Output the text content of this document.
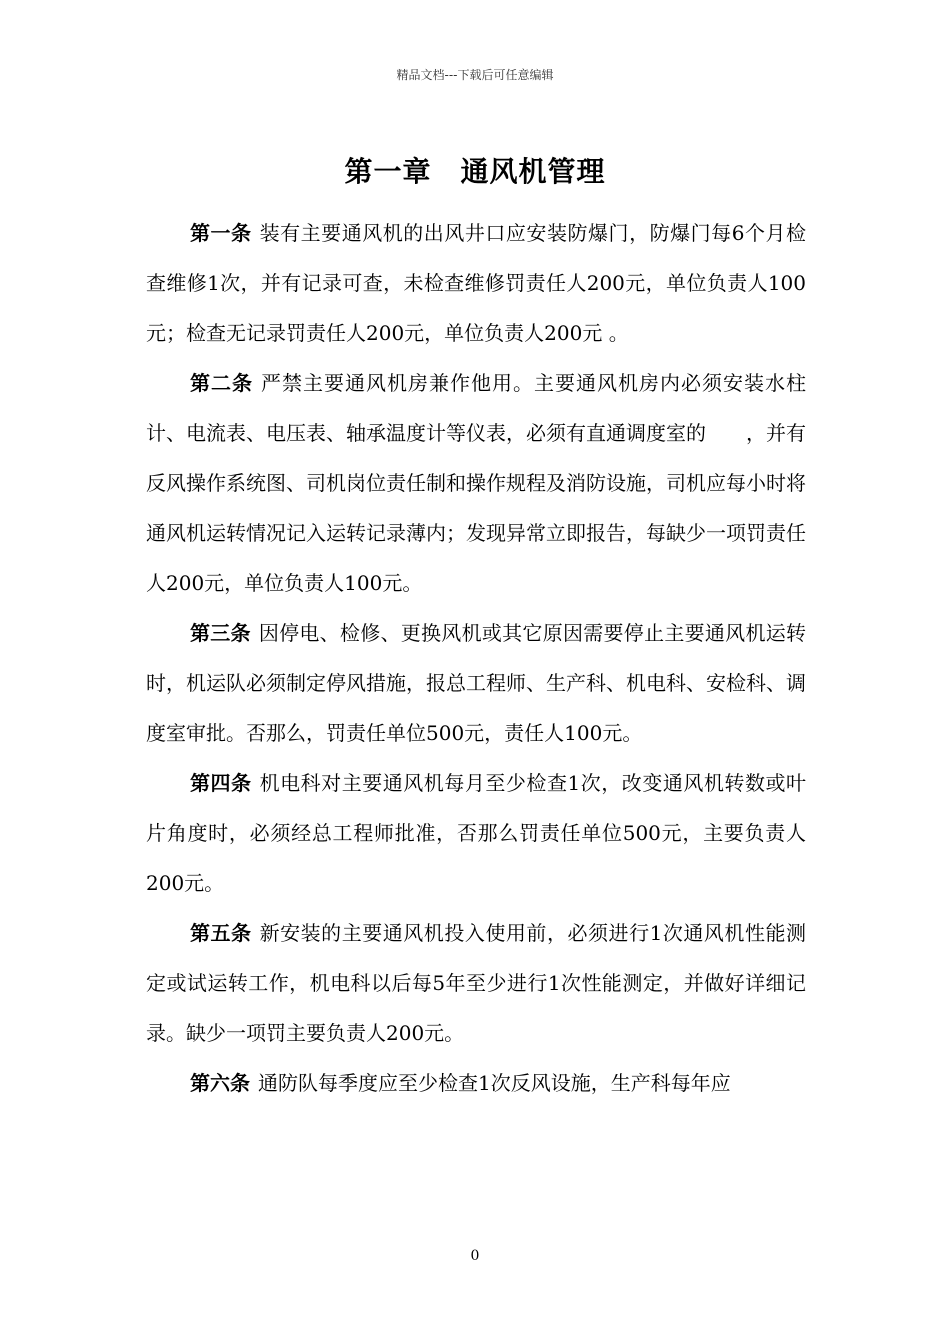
精品文档---下载后可任意编辑
第一章　通风机管理

第一条 装有主要通风机的出风井口应安装防爆门，防爆门每6个月检查维修1次，并有记录可查，未检查维修罚责任人200元，单位负责人100元；检查无记录罚责任人200元，单位负责人200元 。

第二条 严禁主要通风机房兼作他用。主要通风机房内必须安装水柱计、电流表、电压表、轴承温度计等仪表，必须有直通调度室的　　，并有反风操作系统图、司机岗位责任制和操作规程及消防设施，司机应每小时将通风机运转情况记入运转记录薄内；发现异常立即报告，每缺少一项罚责任人200元，单位负责人100元。

第三条 因停电、检修、更换风机或其它原因需要停止主要通风机运转时，机运队必须制定停风措施，报总工程师、生产科、机电科、安检科、调度室审批。否那么，罚责任单位500元，责任人100元。

第四条 机电科对主要通风机每月至少检查1次，改变通风机转数或叶片角度时，必须经总工程师批准，否那么罚责任单位500元，主要负责人200元。

第五条 新安装的主要通风机投入使用前，必须进行1次通风机性能测定或试运转工作，机电科以后每5年至少进行1次性能测定，并做好详细记录。缺少一项罚主要负责人200元。

第六条 通防队每季度应至少检查1次反风设施，生产科每年应

0
